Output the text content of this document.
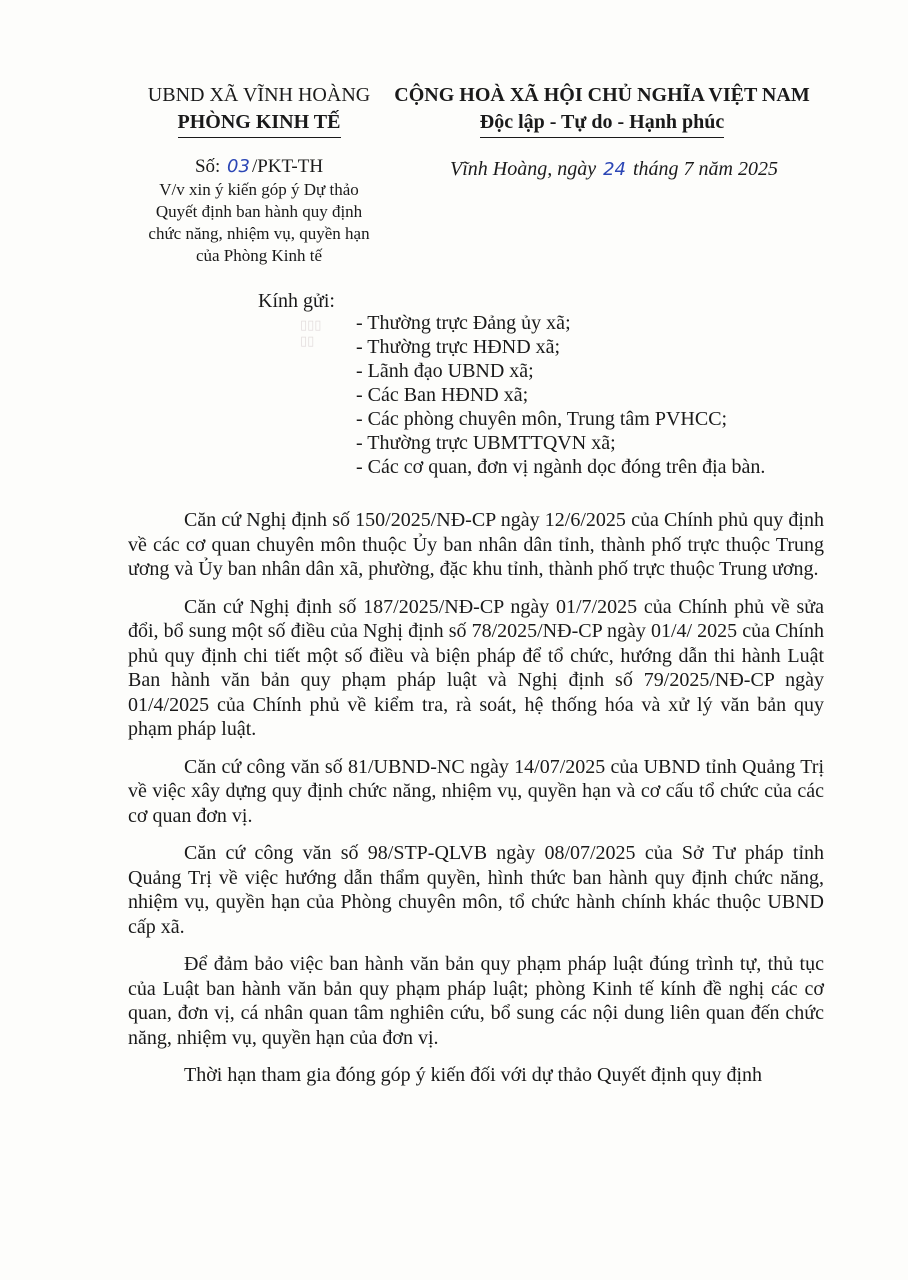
UBND XÃ VĨNH HOÀNG
PHÒNG KINH TẾ
CỘNG HOÀ XÃ HỘI CHỦ NGHĨA VIỆT NAM
Độc lập - Tự do - Hạnh phúc
Số: 03 /PKT-TH
V/v xin ý kiến góp ý Dự thảo
Quyết định ban hành quy định
chức năng, nhiệm vụ, quyền hạn
của Phòng Kinh tế
Vĩnh Hoàng, ngày 24 tháng 7 năm 2025
▯▯▯
▯▯
Kính gửi:
- Thường trực Đảng ủy xã;
- Thường trực HĐND xã;
- Lãnh đạo UBND xã;
- Các Ban HĐND xã;
- Các phòng chuyên môn, Trung tâm PVHCC;
- Thường trực UBMTTQVN xã;
- Các cơ quan, đơn vị ngành dọc đóng trên địa bàn.

Căn cứ Nghị định số 150/2025/NĐ-CP ngày 12/6/2025 của Chính phủ quy định về các cơ quan chuyên môn thuộc Ủy ban nhân dân tỉnh, thành phố trực thuộc Trung ương và Ủy ban nhân dân xã, phường, đặc khu tỉnh, thành phố trực thuộc Trung ương.

Căn cứ Nghị định số 187/2025/NĐ-CP ngày 01/7/2025 của Chính phủ về sửa đổi, bổ sung một số điều của Nghị định số 78/2025/NĐ-CP ngày 01/4/ 2025 của Chính phủ quy định chi tiết một số điều và biện pháp để tổ chức, hướng dẫn thi hành Luật Ban hành văn bản quy phạm pháp luật và Nghị định số 79/2025/NĐ-CP ngày 01/4/2025 của Chính phủ về kiểm tra, rà soát, hệ thống hóa và xử lý văn bản quy phạm pháp luật.

Căn cứ công văn số 81/UBND-NC ngày 14/07/2025 của UBND tỉnh Quảng Trị về việc xây dựng quy định chức năng, nhiệm vụ, quyền hạn và cơ cấu tổ chức của các cơ quan đơn vị.

Căn cứ công văn số 98/STP-QLVB ngày 08/07/2025 của Sở Tư pháp tỉnh Quảng Trị về việc hướng dẫn thẩm quyền, hình thức ban hành quy định chức năng, nhiệm vụ, quyền hạn của Phòng chuyên môn, tổ chức hành chính khác thuộc UBND cấp xã.

Để đảm bảo việc ban hành văn bản quy phạm pháp luật đúng trình tự, thủ tục của Luật ban hành văn bản quy phạm pháp luật; phòng Kinh tế kính đề nghị các cơ quan, đơn vị, cá nhân quan tâm nghiên cứu, bổ sung các nội dung liên quan đến chức năng, nhiệm vụ, quyền hạn của đơn vị.

Thời hạn tham gia đóng góp ý kiến đối với dự thảo Quyết định quy định
